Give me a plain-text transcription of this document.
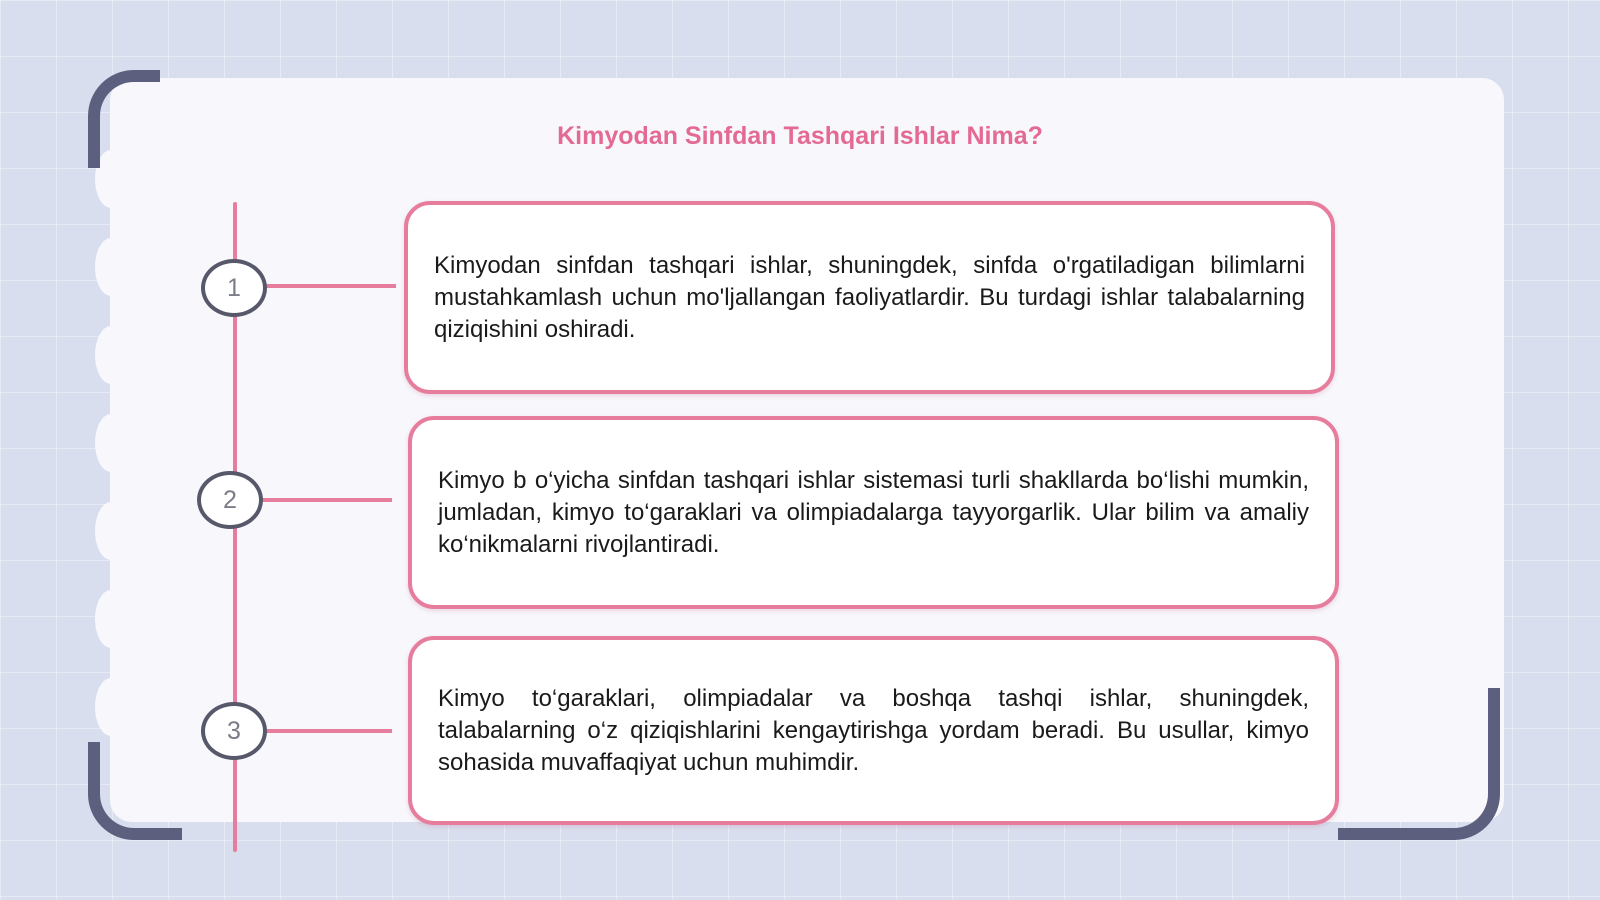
Kimyodan Sinfdan Tashqari Ishlar Nima?
1
2
3

Kimyodan sinfdan tashqari ishlar, shuningdek, sinfda o'rgatiladigan bilimlarni mustahkamlash uchun mo'ljallangan faoliyatlardir. Bu turdagi ishlar talabalarning qiziqishini oshiradi.

Kimyo b o‘yicha sinfdan tashqari ishlar sistemasi turli shakllarda bo‘lishi mumkin, jumladan, kimyo to‘garaklari va olimpiadalarga tayyorgarlik. Ular bilim va amaliy ko‘nikmalarni rivojlantiradi.

Kimyo to‘garaklari, olimpiadalar va boshqa tashqi ishlar, shuningdek, talabalarning o‘z qiziqishlarini kengaytirishga yordam beradi. Bu usullar, kimyo sohasida muvaffaqiyat uchun muhimdir.
